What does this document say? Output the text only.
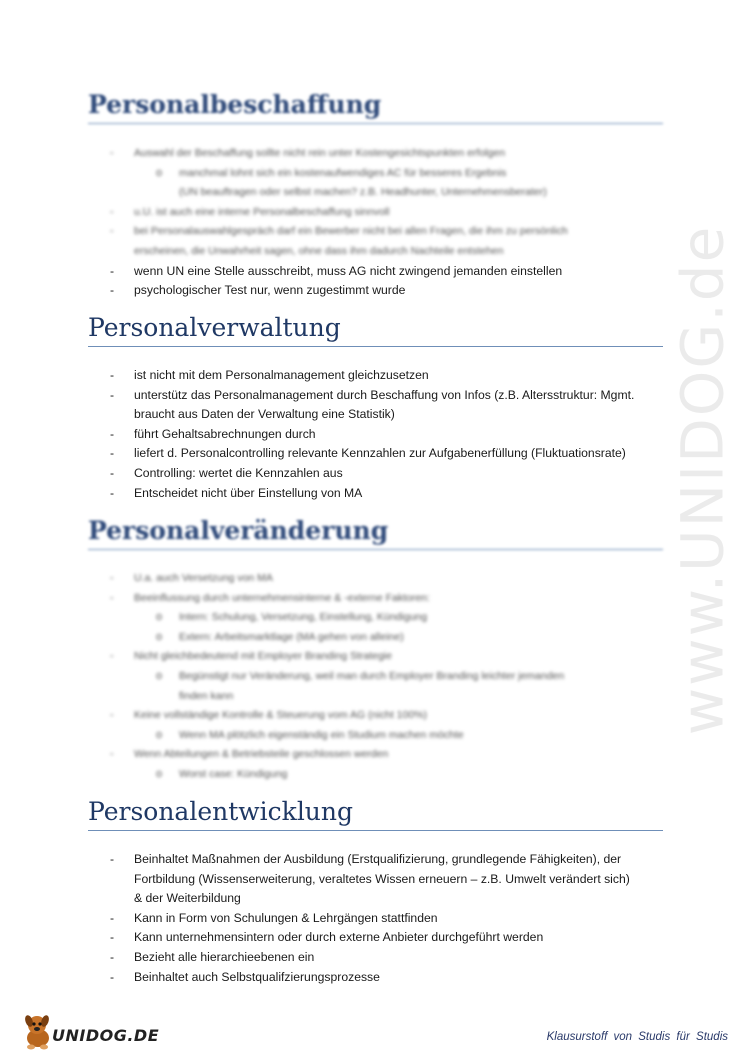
www.UNIDOG.de
Personalbeschaffung
- Auswahl der Beschaffung sollte nicht rein unter Kostengesichtspunkten erfolgen
o manchmal lohnt sich ein kostenaufwendiges AC für besseres Ergebnis
(UN beauftragen oder selbst machen? z.B. Headhunter, Unternehmensberater)
- u.U. ist auch eine interne Personalbeschaffung sinnvoll
- bei Personalauswahlgespräch darf ein Bewerber nicht bei allen Fragen, die ihm zu persönlich
erscheinen, die Unwahrheit sagen, ohne dass ihm dadurch Nachteile entstehen
- wenn UN eine Stelle ausschreibt, muss AG nicht zwingend jemanden einstellen
- psychologischer Test nur, wenn zugestimmt wurde
Personalverwaltung
- ist nicht mit dem Personalmanagement gleichzusetzen
- unterstütz das Personalmanagement durch Beschaffung von Infos (z.B. Altersstruktur: Mgmt.
braucht aus Daten der Verwaltung eine Statistik)
- führt Gehaltsabrechnungen durch
- liefert d. Personalcontrolling relevante Kennzahlen zur Aufgabenerfüllung (Fluktuationsrate)
- Controlling: wertet die Kennzahlen aus
- Entscheidet nicht über Einstellung von MA
Personalveränderung
- U.a. auch Versetzung von MA
- Beeinflussung durch unternehmensinterne & -externe Faktoren:
o Intern: Schulung, Versetzung, Einstellung, Kündigung
o Extern: Arbeitsmarktlage (MA gehen von alleine)
- Nicht gleichbedeutend mit Employer Branding Strategie
o Begünstigt nur Veränderung, weil man durch Employer Branding leichter jemanden
finden kann
- Keine vollständige Kontrolle & Steuerung vom AG (nicht 100%)
o Wenn MA plötzlich eigenständig ein Studium machen möchte
- Wenn Abteilungen & Betriebsteile geschlossen werden
o Worst case: Kündigung
Personalentwicklung
- Beinhaltet Maßnahmen der Ausbildung (Erstqualifizierung, grundlegende Fähigkeiten), der
Fortbildung (Wissenserweiterung, veraltetes Wissen erneuern – z.B. Umwelt verändert sich)
& der Weiterbildung
- Kann in Form von Schulungen & Lehrgängen stattfinden
- Kann unternehmensintern oder durch externe Anbieter durchgeführt werden
- Bezieht alle hierarchieebenen ein
- Beinhaltet auch Selbstqualifzierungsprozesse
UNIDOG.DE	Klausurstoff von Studis für Studis
